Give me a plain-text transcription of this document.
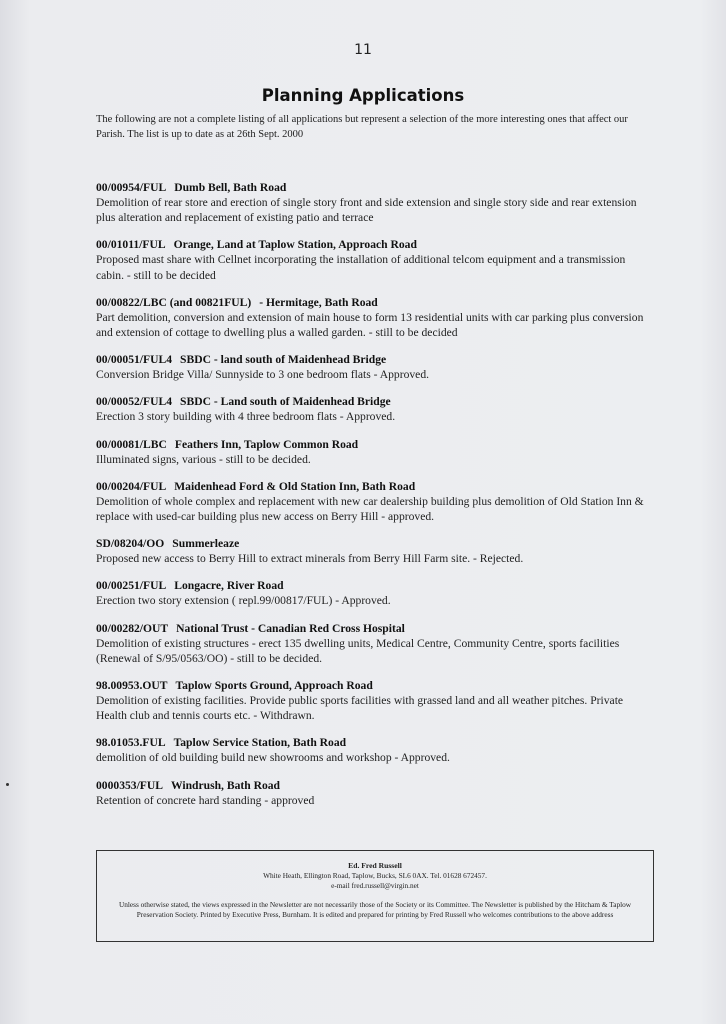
11
Planning Applications
The following are not a complete listing of all applications but represent a selection of the more interesting ones that affect our Parish. The list is up to date as at 26th Sept. 2000
00/00954/FUL Dumb Bell, Bath Road
Demolition of rear store and erection of single story front and side extension and single story side and rear extension plus alteration and replacement of existing patio and terrace
00/01011/FUL Orange, Land at Taplow Station, Approach Road
Proposed mast share with Cellnet incorporating the installation of additional telcom equipment and a transmission cabin. - still to be decided
00/00822/LBC (and 00821FUL) - Hermitage, Bath Road
Part demolition, conversion and extension of main house to form 13 residential units with car parking plus conversion and extension of cottage to dwelling plus a walled garden. - still to be decided
00/00051/FUL4 SBDC - land south of Maidenhead Bridge
Conversion Bridge Villa/ Sunnyside to 3 one bedroom flats - Approved.
00/00052/FUL4 SBDC - Land south of Maidenhead Bridge
Erection 3 story building with 4 three bedroom flats - Approved.
00/00081/LBC Feathers Inn, Taplow Common Road
Illuminated signs, various - still to be decided.
00/00204/FUL Maidenhead Ford & Old Station Inn, Bath Road
Demolition of whole complex and replacement with new car dealership building plus demolition of Old Station Inn & replace with used-car building plus new access on Berry Hill - approved.
SD/08204/OO Summerleaze
Proposed new access to Berry Hill to extract minerals from Berry Hill Farm site. - Rejected.
00/00251/FUL Longacre, River Road
Erection two story extension ( repl.99/00817/FUL) - Approved.
00/00282/OUT National Trust - Canadian Red Cross Hospital
Demolition of existing structures - erect 135 dwelling units, Medical Centre, Community Centre, sports facilities (Renewal of S/95/0563/OO) - still to be decided.
98.00953.OUT Taplow Sports Ground, Approach Road
Demolition of existing facilities. Provide public sports facilities with grassed land and all weather pitches. Private Health club and tennis courts etc. - Withdrawn.
98.01053.FUL Taplow Service Station, Bath Road
demolition of old building build new showrooms and workshop - Approved.
0000353/FUL Windrush, Bath Road
Retention of concrete hard standing - approved
Ed. Fred Russell
White Heath, Ellington Road, Taplow, Bucks, SL6 0AX. Tel. 01628 672457.
e-mail fred.russell@virgin.net
Unless otherwise stated, the views expressed in the Newsletter are not necessarily those of the Society or its Committee. The Newsletter is published by the Hitcham & Taplow Preservation Society. Printed by Executive Press, Burnham. It is edited and prepared for printing by Fred Russell who welcomes contributions to the above address
